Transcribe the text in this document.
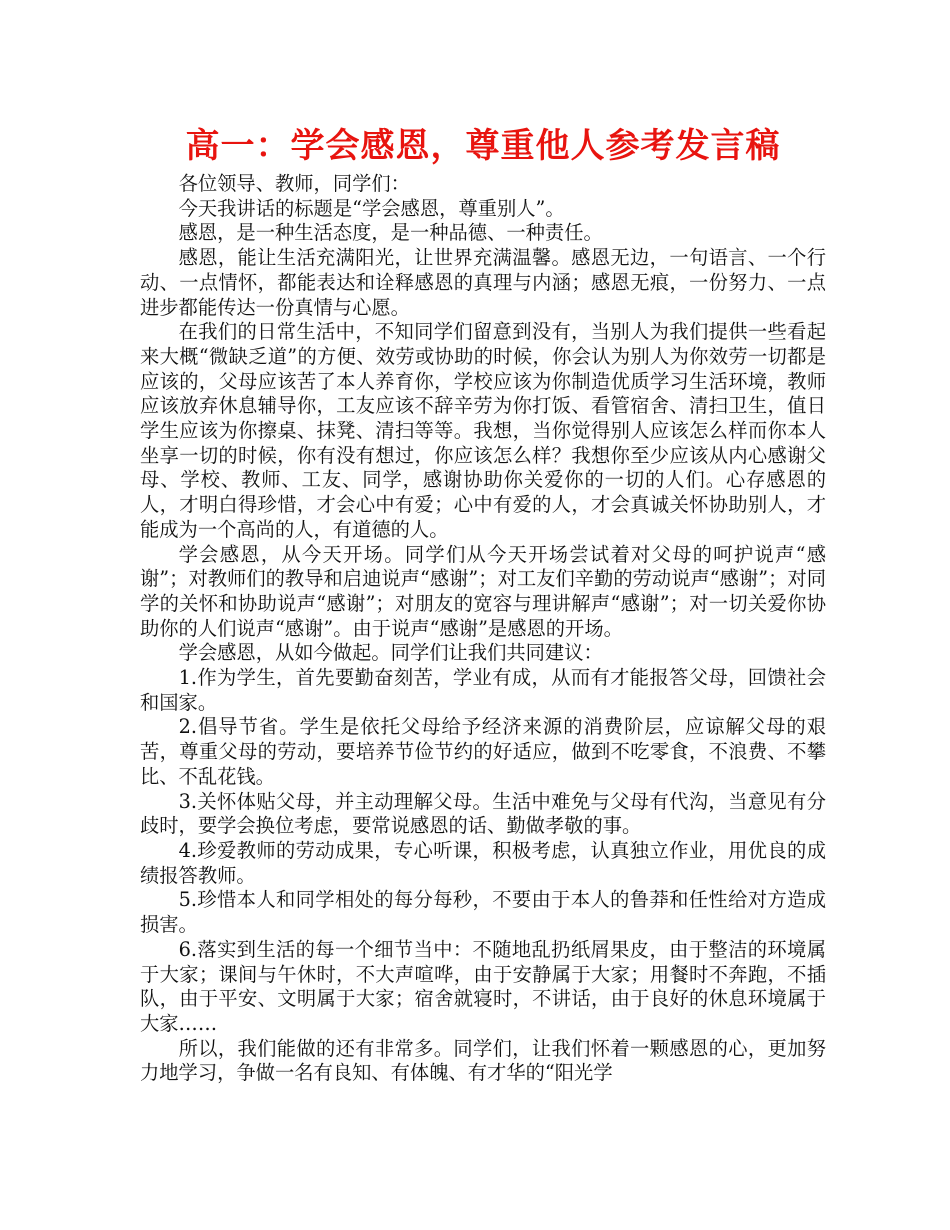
高一：学会感恩，尊重他人参考发言稿

各位领导、教师，同学们：

今天我讲话的标题是“学会感恩，尊重别人”。

感恩，是一种生活态度，是一种品德、一种责任。

感恩，能让生活充满阳光，让世界充满温馨。感恩无边，一句语言、一个行动、一点情怀，都能表达和诠释感恩的真理与内涵；感恩无痕，一份努力、一点进步都能传达一份真情与心愿。

在我们的日常生活中，不知同学们留意到没有，当别人为我们提供一些看起来大概“微缺乏道”的方便、效劳或协助的时候，你会认为别人为你效劳一切都是应该的，父母应该苦了本人养育你，学校应该为你制造优质学习生活环境，教师应该放弃休息辅导你，工友应该不辞辛劳为你打饭、看管宿舍、清扫卫生，值日学生应该为你擦桌、抹凳、清扫等等。我想，当你觉得别人应该怎么样而你本人坐享一切的时候，你有没有想过，你应该怎么样？我想你至少应该从内心感谢父母、学校、教师、工友、同学，感谢协助你关爱你的一切的人们。心存感恩的人，才明白得珍惜，才会心中有爱；心中有爱的人，才会真诚关怀协助别人，才能成为一个高尚的人，有道德的人。

学会感恩，从今天开场。同学们从今天开场尝试着对父母的呵护说声“感谢”；对教师们的教导和启迪说声“感谢”；对工友们辛勤的劳动说声“感谢”；对同学的关怀和协助说声“感谢”；对朋友的宽容与理讲解声“感谢”；对一切关爱你协助你的人们说声“感谢”。由于说声“感谢”是感恩的开场。

学会感恩，从如今做起。同学们让我们共同建议：

1.作为学生，首先要勤奋刻苦，学业有成，从而有才能报答父母，回馈社会和国家。

2.倡导节省。学生是依托父母给予经济来源的消费阶层，应谅解父母的艰苦，尊重父母的劳动，要培养节俭节约的好适应，做到不吃零食，不浪费、不攀比、不乱花钱。

3.关怀体贴父母，并主动理解父母。生活中难免与父母有代沟，当意见有分歧时，要学会换位考虑，要常说感恩的话、勤做孝敬的事。

4.珍爱教师的劳动成果，专心听课，积极考虑，认真独立作业，用优良的成绩报答教师。

5.珍惜本人和同学相处的每分每秒，不要由于本人的鲁莽和任性给对方造成损害。

6.落实到生活的每一个细节当中：不随地乱扔纸屑果皮，由于整洁的环境属于大家；课间与午休时，不大声喧哗，由于安静属于大家；用餐时不奔跑，不插队，由于平安、文明属于大家；宿舍就寝时，不讲话，由于良好的休息环境属于大家……

所以，我们能做的还有非常多。同学们，让我们怀着一颗感恩的心，更加努力地学习，争做一名有良知、有体魄、有才华的“阳光学
